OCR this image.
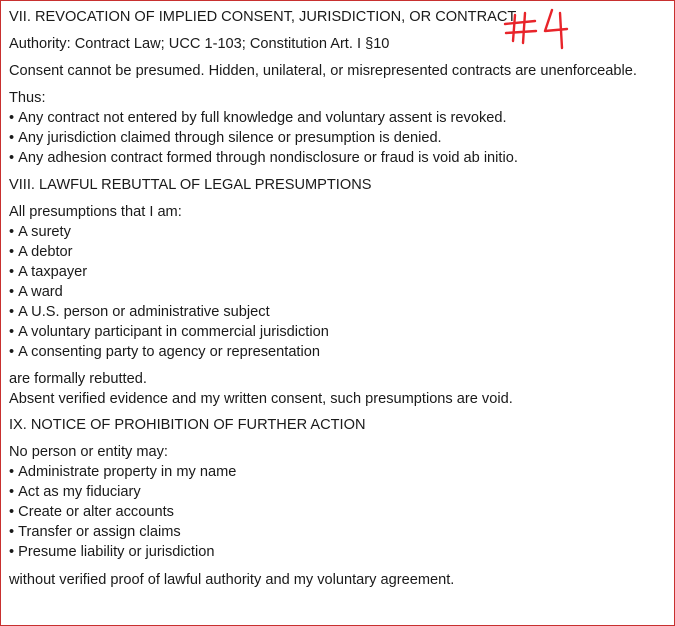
VII. REVOCATION OF IMPLIED CONSENT, JURISDICTION, OR CONTRACT
Authority: Contract Law; UCC 1-103; Constitution Art. I §10
Consent cannot be presumed. Hidden, unilateral, or misrepresented contracts are unenforceable.
Thus:
• Any contract not entered by full knowledge and voluntary assent is revoked.
• Any jurisdiction claimed through silence or presumption is denied.
• Any adhesion contract formed through nondisclosure or fraud is void ab initio.
VIII. LAWFUL REBUTTAL OF LEGAL PRESUMPTIONS
All presumptions that I am:
• A surety
• A debtor
• A taxpayer
• A ward
• A U.S. person or administrative subject
• A voluntary participant in commercial jurisdiction
• A consenting party to agency or representation
are formally rebutted.
Absent verified evidence and my written consent, such presumptions are void.
IX. NOTICE OF PROHIBITION OF FURTHER ACTION
No person or entity may:
• Administrate property in my name
• Act as my fiduciary
• Create or alter accounts
• Transfer or assign claims
• Presume liability or jurisdiction
without verified proof of lawful authority and my voluntary agreement.
